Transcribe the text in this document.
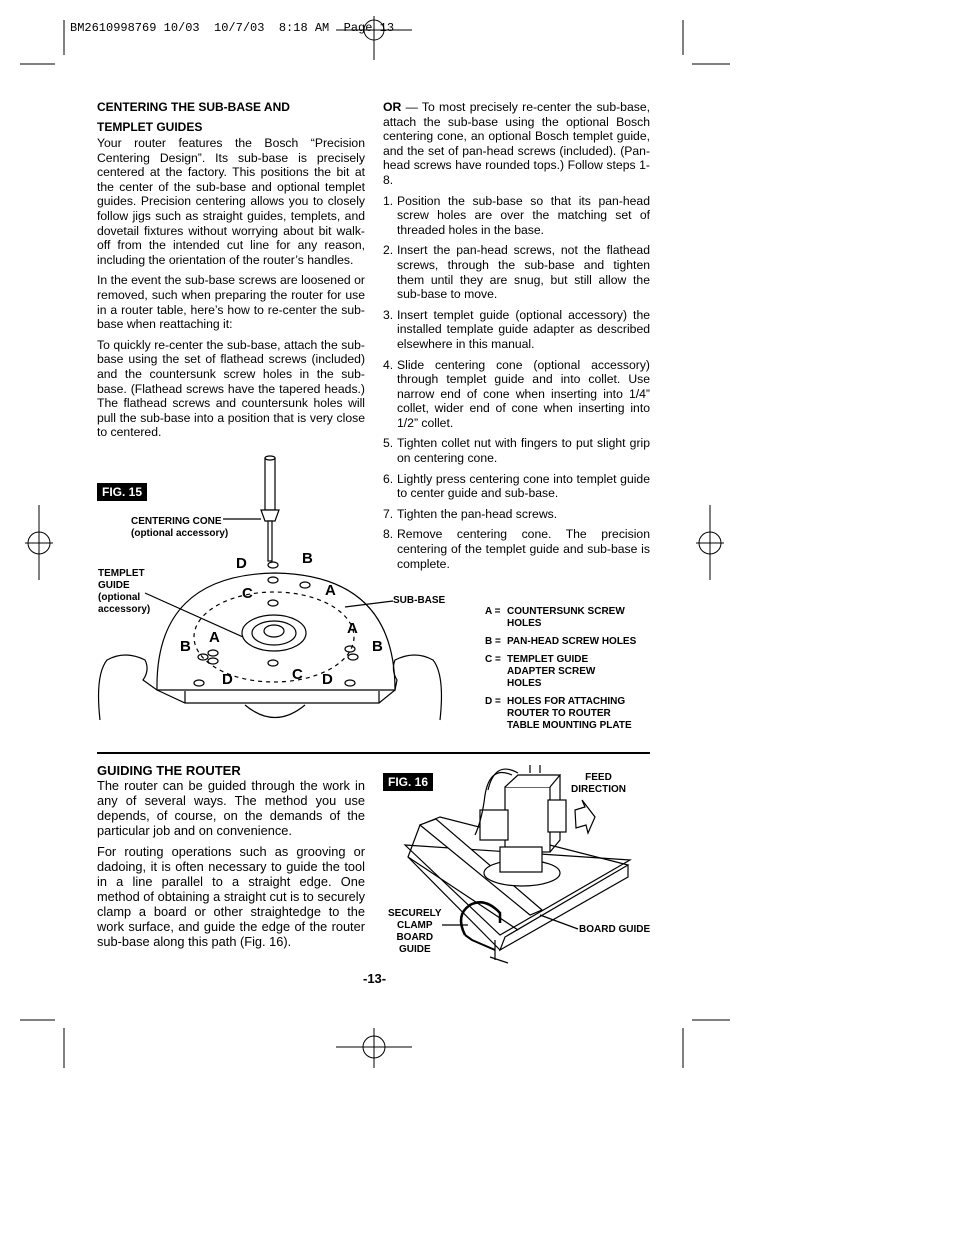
BM2610998769 10/03  10/7/03  8:18 AM  Page 13

CENTERING THE SUB-BASE AND

TEMPLET GUIDES

Your router features the Bosch “Precision Centering Design”. Its sub-base is precisely centered at the factory. This positions the bit at the center of the sub-base and optional templet guides. Precision centering allows you to closely follow jigs such as straight guides, templets, and dovetail fixtures without worrying about bit walk-off from the intended cut line for any reason, including the orientation of the router’s handles.

In the event the sub-base screws are loosened or removed, such when preparing the router for use in a router table, here’s how to re-center the sub-base when reattaching it:

To quickly re-center the sub-base, attach the sub-base using the set of flathead screws (included) and the countersunk screw holes in the sub-base. (Flathead screws have the tapered heads.) The flathead screws and countersunk holes will pull the sub-base into a position that is very close to centered.

OR — To most precisely re-center the sub-base, attach the sub-base using the optional Bosch centering cone, an optional Bosch templet guide, and the set of pan-head screws (included). (Pan-head screws have rounded tops.) Follow steps 1-8.

1. Position the sub-base so that its pan-head screw holes are over the matching set of threaded holes in the base.
2. Insert the pan-head screws, not the flathead screws, through the sub-base and tighten them until they are snug, but still allow the sub-base to move.
3. Insert templet guide (optional accessory) the installed template guide adapter as described elsewhere in this manual.
4. Slide centering cone (optional accessory) through templet guide and into collet. Use narrow end of cone when inserting into 1/4” collet, wider end of cone when inserting into 1/2” collet.
5. Tighten collet nut with fingers to put slight grip on centering cone.
6. Lightly press centering cone into templet guide to center guide and sub-base.
7. Tighten the pan-head screws.
8. Remove centering cone. The precision centering of the templet guide and sub-base is complete.
FIG. 15
CENTERING CONE
(optional accessory)
TEMPLET
GUIDE
(optional
accessory)
SUB-BASE
D	B
C	A
A
A
B	B
C
D	D
A = COUNTERSUNK SCREW HOLES
B = PAN-HEAD SCREW HOLES
C = TEMPLET GUIDE ADAPTER SCREW HOLES
D = HOLES FOR ATTACHING ROUTER TO ROUTER TABLE MOUNTING PLATE

GUIDING THE ROUTER

The router can be guided through the work in any of several ways. The method you use depends, of course, on the demands of the particular job and on convenience.

For routing operations such as grooving or dadoing, it is often necessary to guide the tool in a line parallel to a straight edge. One method of obtaining a straight cut is to securely clamp a board or other straightedge to the work surface, and guide the edge of the router sub-base along this path (Fig. 16).

FIG. 16	FEED
DIRECTION
SECURELY
CLAMP
BOARD
GUIDE
BOARD GUIDE
-13-
